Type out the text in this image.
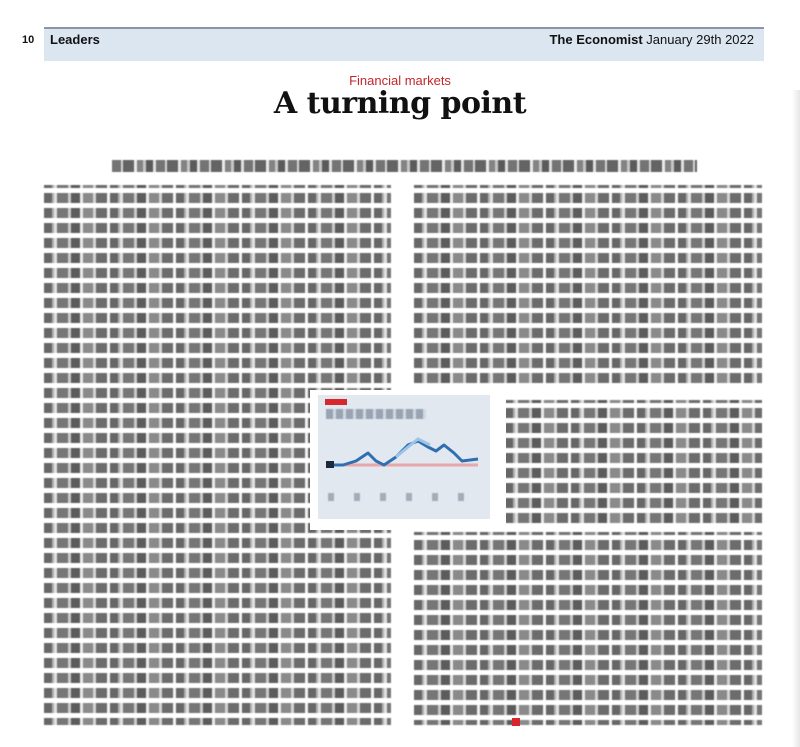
10 Leaders	The Economist January 29th 2022
Financial markets
A turning point
